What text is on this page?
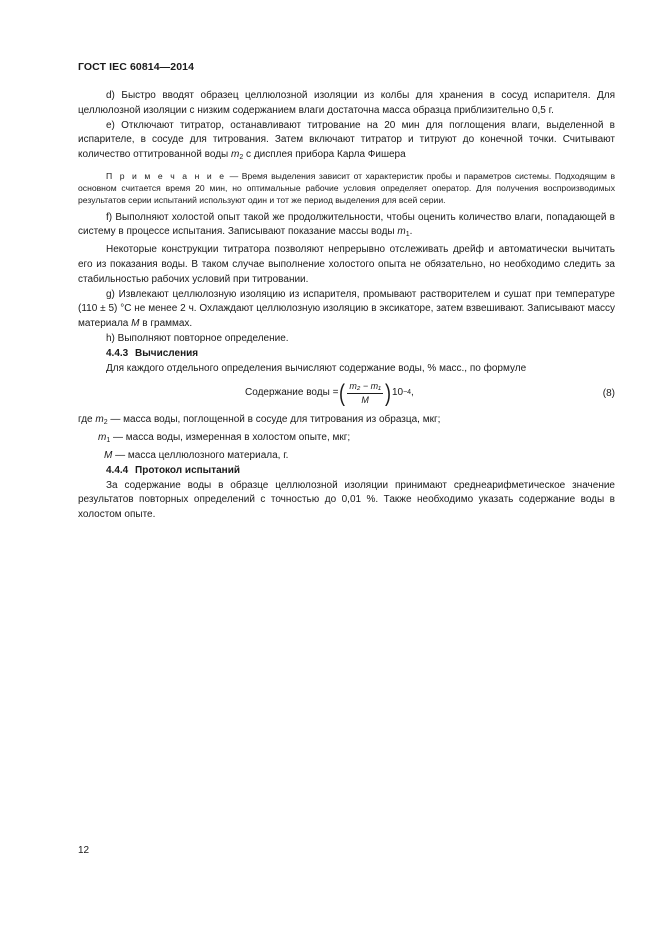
ГОСТ IEC 60814—2014

d) Быстро вводят образец целлюлозной изоляции из колбы для хранения в сосуд испарителя. Для целлюлозной изоляции с низким содержанием влаги достаточна масса образца приблизительно 0,5 г.

e) Отключают титратор, останавливают титрование на 20 мин для поглощения влаги, выделенной в испарителе, в сосуде для титрования. Затем включают титратор и титруют до конечной точки. Считывают количество оттитрованной воды $m_2$ с дисплея прибора Карла Фишера

П р и м е ч а н и е — Время выделения зависит от характеристик пробы и параметров системы. Подходящим в основном считается время 20 мин, но оптимальные рабочие условия определяет оператор. Для получения воспроизводимых результатов серии испытаний используют один и тот же период выделения для всей серии.

f) Выполняют холостой опыт такой же продолжительности, чтобы оценить количество влаги, попадающей в систему в процессе испытания. Записывают показание массы воды $m_1$.

Некоторые конструкции титратора позволяют непрерывно отслеживать дрейф и автоматически вычитать его из показания воды. В таком случае выполнение холостого опыта не обязательно, но необходимо следить за стабильностью рабочих условий при титровании.

g) Извлекают целлюлозную изоляцию из испарителя, промывают растворителем и сушат при температуре (110 ± 5) °C не менее 2 ч. Охлаждают целлюлозную изоляцию в эксикаторе, затем взвешивают. Записывают массу материала M в граммах.

h) Выполняют повторное определение.

4.4.3 Вычисления

Для каждого отдельного определения вычисляют содержание воды, % масс., по формуле

Содержание воды = ( $\frac{\text{m₂ − m₁}}{M}$ ) 10 −4 ,	(8)
где $m_2$ — масса воды, поглощенной в сосуде для титрования из образца, мкг;
$m_1$ — масса воды, измеренная в холостом опыте, мкг;
M — масса целлюлозного материала, г.

4.4.4 Протокол испытаний

За содержание воды в образце целлюлозной изоляции принимают среднеарифметическое значение результатов повторных определений с точностью до 0,01 %. Также необходимо указать содержание воды в холостом опыте.

12
